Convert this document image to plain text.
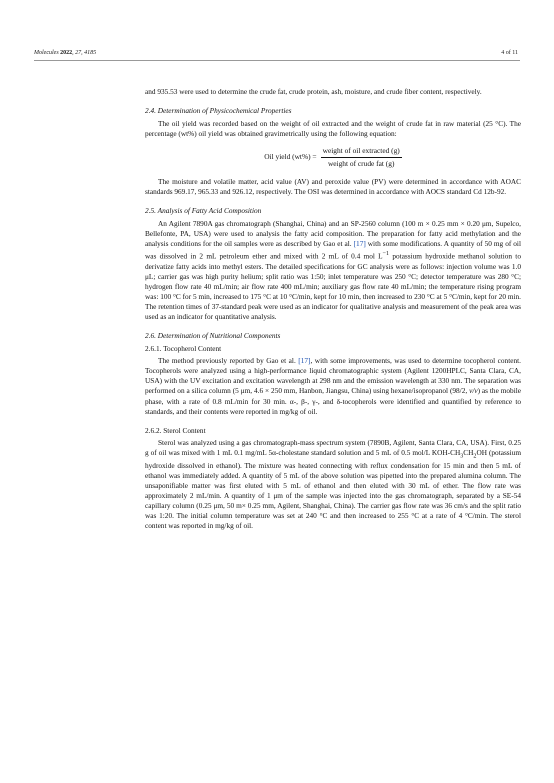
Molecules 2022, 27, 4185	4 of 11

and 935.53 were used to determine the crude fat, crude protein, ash, moisture, and crude fiber content, respectively.

2.4. Determination of Physicochemical Properties

The oil yield was recorded based on the weight of oil extracted and the weight of crude fat in raw material (25 °C). The percentage (wt%) oil yield was obtained gravimetrically using the following equation:

Oil yield $(wt\%) = \frac{\text{weight of oil extracted (g)}}{\text{weight of crude fat (g)}}$

The moisture and volatile matter, acid value (AV) and peroxide value (PV) were determined in accordance with AOAC standards 969.17, 965.33 and 926.12, respectively. The OSI was determined in accordance with AOCS standard Cd 12b-92.

2.5. Analysis of Fatty Acid Composition

An Agilent 7890A gas chromatograph (Shanghai, China) and an SP-2560 column (100 m × 0.25 mm × 0.20 μm, Supelco, Bellefonte, PA, USA) were used to analysis the fatty acid composition. The preparation for fatty acid methylation and the analysis conditions for the oil samples were as described by Gao et al. [17] with some modifications. A quantity of 50 mg of oil was dissolved in 2 mL petroleum ether and mixed with 2 mL of 0.4 mol $L^{-1}$ potassium hydroxide methanol solution to derivatize fatty acids into methyl esters. The detailed specifications for GC analysis were as follows: injection volume was 1.0 μL; carrier gas was high purity helium; split ratio was 1:50; inlet temperature was 250 °C; detector temperature was 280 °C; hydrogen flow rate 40 mL/min; air flow rate 400 mL/min; auxiliary gas flow rate 40 mL/min; the temperature rising program was: 100 °C for 5 min, increased to 175 °C at 10 °C/min, kept for 10 min, then increased to 230 °C at 5 °C/min, kept for 20 min. The retention times of 37-standard peak were used as an indicator for qualitative analysis and measurement of the peak area was used as an indicator for quantitative analysis.

2.6. Determination of Nutritional Components
2.6.1. Tocopherol Content

The method previously reported by Gao et al. [17], with some improvements, was used to determine tocopherol content. Tocopherols were analyzed using a high-performance liquid chromatographic system (Agilent 1200HPLC, Santa Clara, CA, USA) with the UV excitation and excitation wavelength at 298 nm and the emission wavelength at 330 nm. The separation was performed on a silica column (5 μm, 4.6 × 250 mm, Hanbon, Jiangsu, China) using hexane/isopropanol (98/2, v/v) as the mobile phase, with a rate of 0.8 mL/min for 30 min. α-, β-, γ-, and δ-tocopherols were identified and quantified by reference to standards, and their contents were reported in mg/kg of oil.

2.6.2. Sterol Content

Sterol was analyzed using a gas chromatograph-mass spectrum system (7890B, Agilent, Santa Clara, CA, USA). First, 0.25 g of oil was mixed with 1 mL 0.1 mg/mL 5α-cholestane standard solution and 5 mL of 0.5 mol/L KOH-$CH_3CH_2OH$ (potassium hydroxide dissolved in ethanol). The mixture was heated connecting with reflux condensation for 15 min and then 5 mL of ethanol was immediately added. A quantity of 5 mL of the above solution was pipetted into the prepared alumina column. The unsaponifiable matter was first eluted with 5 mL of ethanol and then eluted with 30 mL of ether. The flow rate was approximately 2 mL/min. A quantity of 1 μm of the sample was injected into the gas chromatograph, separated by a SE-54 capillary column (0.25 μm, 50 m× 0.25 mm, Agilent, Shanghai, China). The carrier gas flow rate was 36 cm/s and the split ratio was 1:20. The initial column temperature was set at 240 °C and then increased to 255 °C at a rate of 4 °C/min. The sterol content was reported in mg/kg of oil.
